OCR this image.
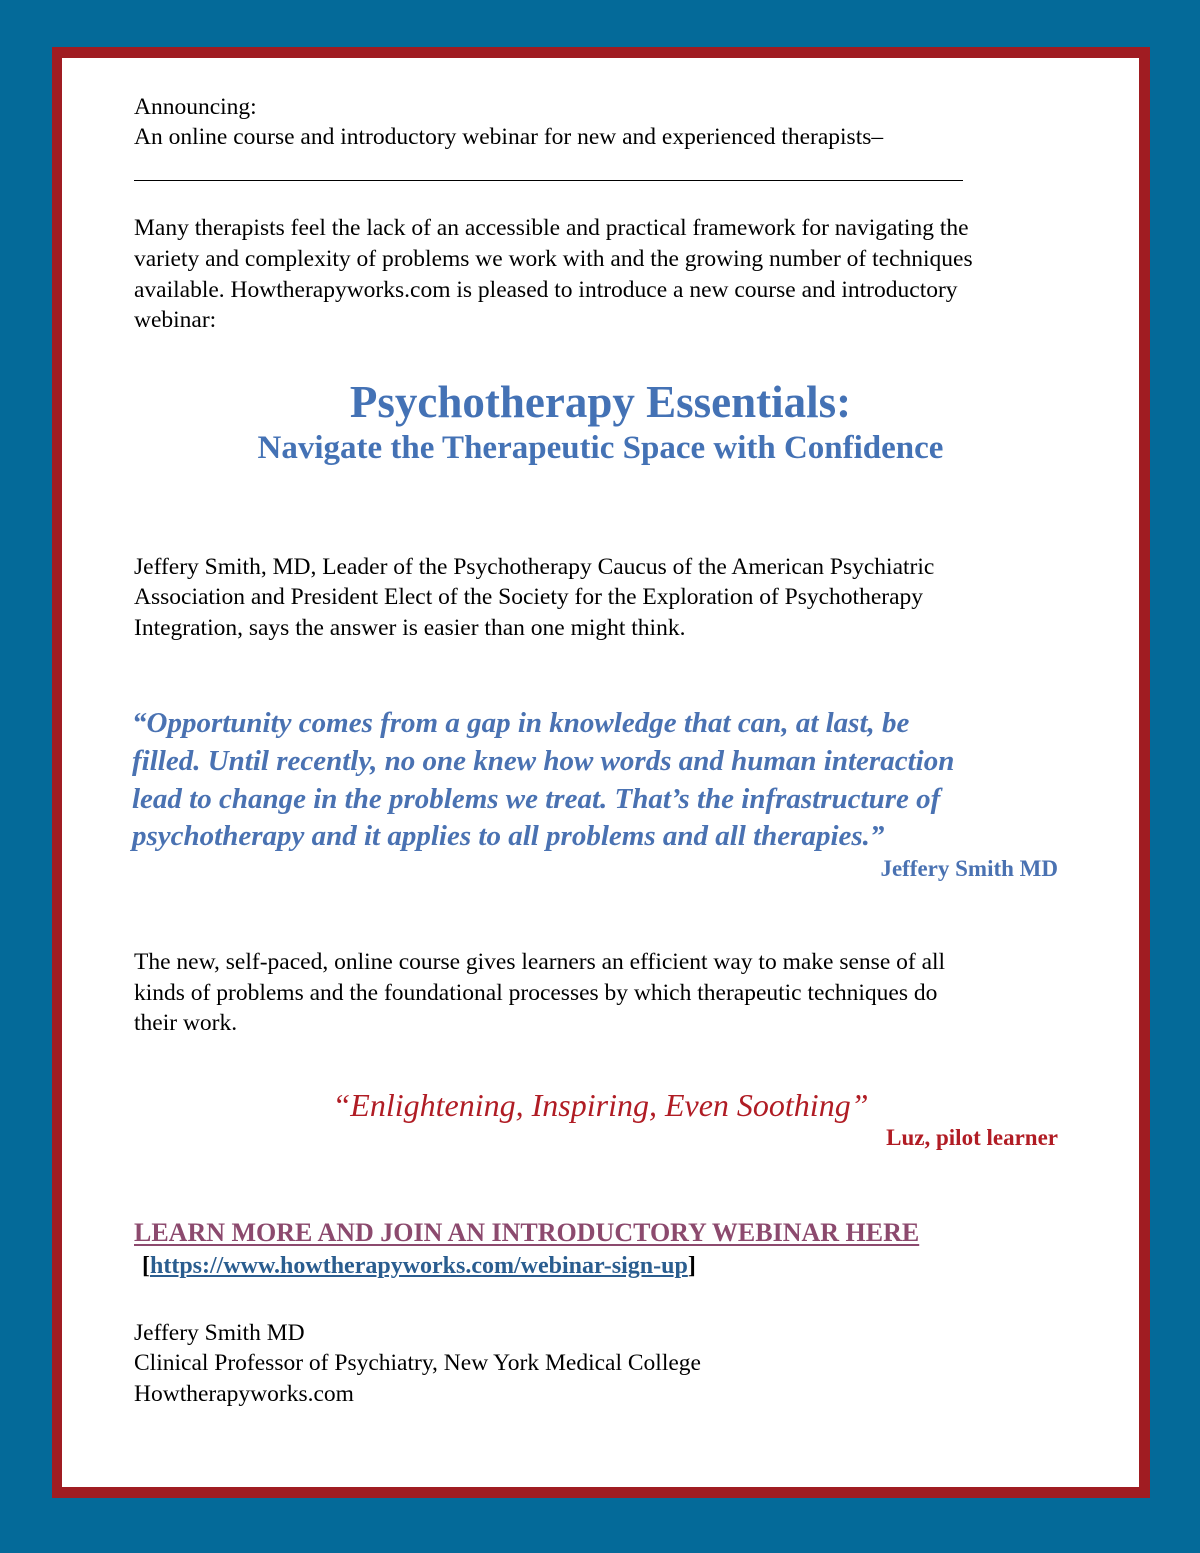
Announcing:

An online course and introductory webinar for new and experienced therapists–

Many therapists feel the lack of an accessible and practical framework for navigating the

variety and complexity of problems we work with and the growing number of techniques

available. Howtherapyworks.com is pleased to introduce a new course and introductory

webinar:

Psychotherapy Essentials:
Navigate the Therapeutic Space with Confidence

Jeffery Smith, MD, Leader of the Psychotherapy Caucus of the American Psychiatric

Association and President Elect of the Society for the Exploration of Psychotherapy

Integration, says the answer is easier than one might think.

“Opportunity comes from a gap in knowledge that can, at last, be

filled. Until recently, no one knew how words and human interaction

lead to change in the problems we treat. That’s the infrastructure of

psychotherapy and it applies to all problems and all therapies.”

Jeffery Smith MD

The new, self-paced, online course gives learners an efficient way to make sense of all

kinds of problems and the foundational processes by which therapeutic techniques do

their work.

“Enlightening, Inspiring, Even Soothing”

Luz, pilot learner

LEARN MORE AND JOIN AN INTRODUCTORY WEBINAR HERE

[https://www.howtherapyworks.com/webinar-sign-up]

Jeffery Smith MD

Clinical Professor of Psychiatry, New York Medical College

Howtherapyworks.com
